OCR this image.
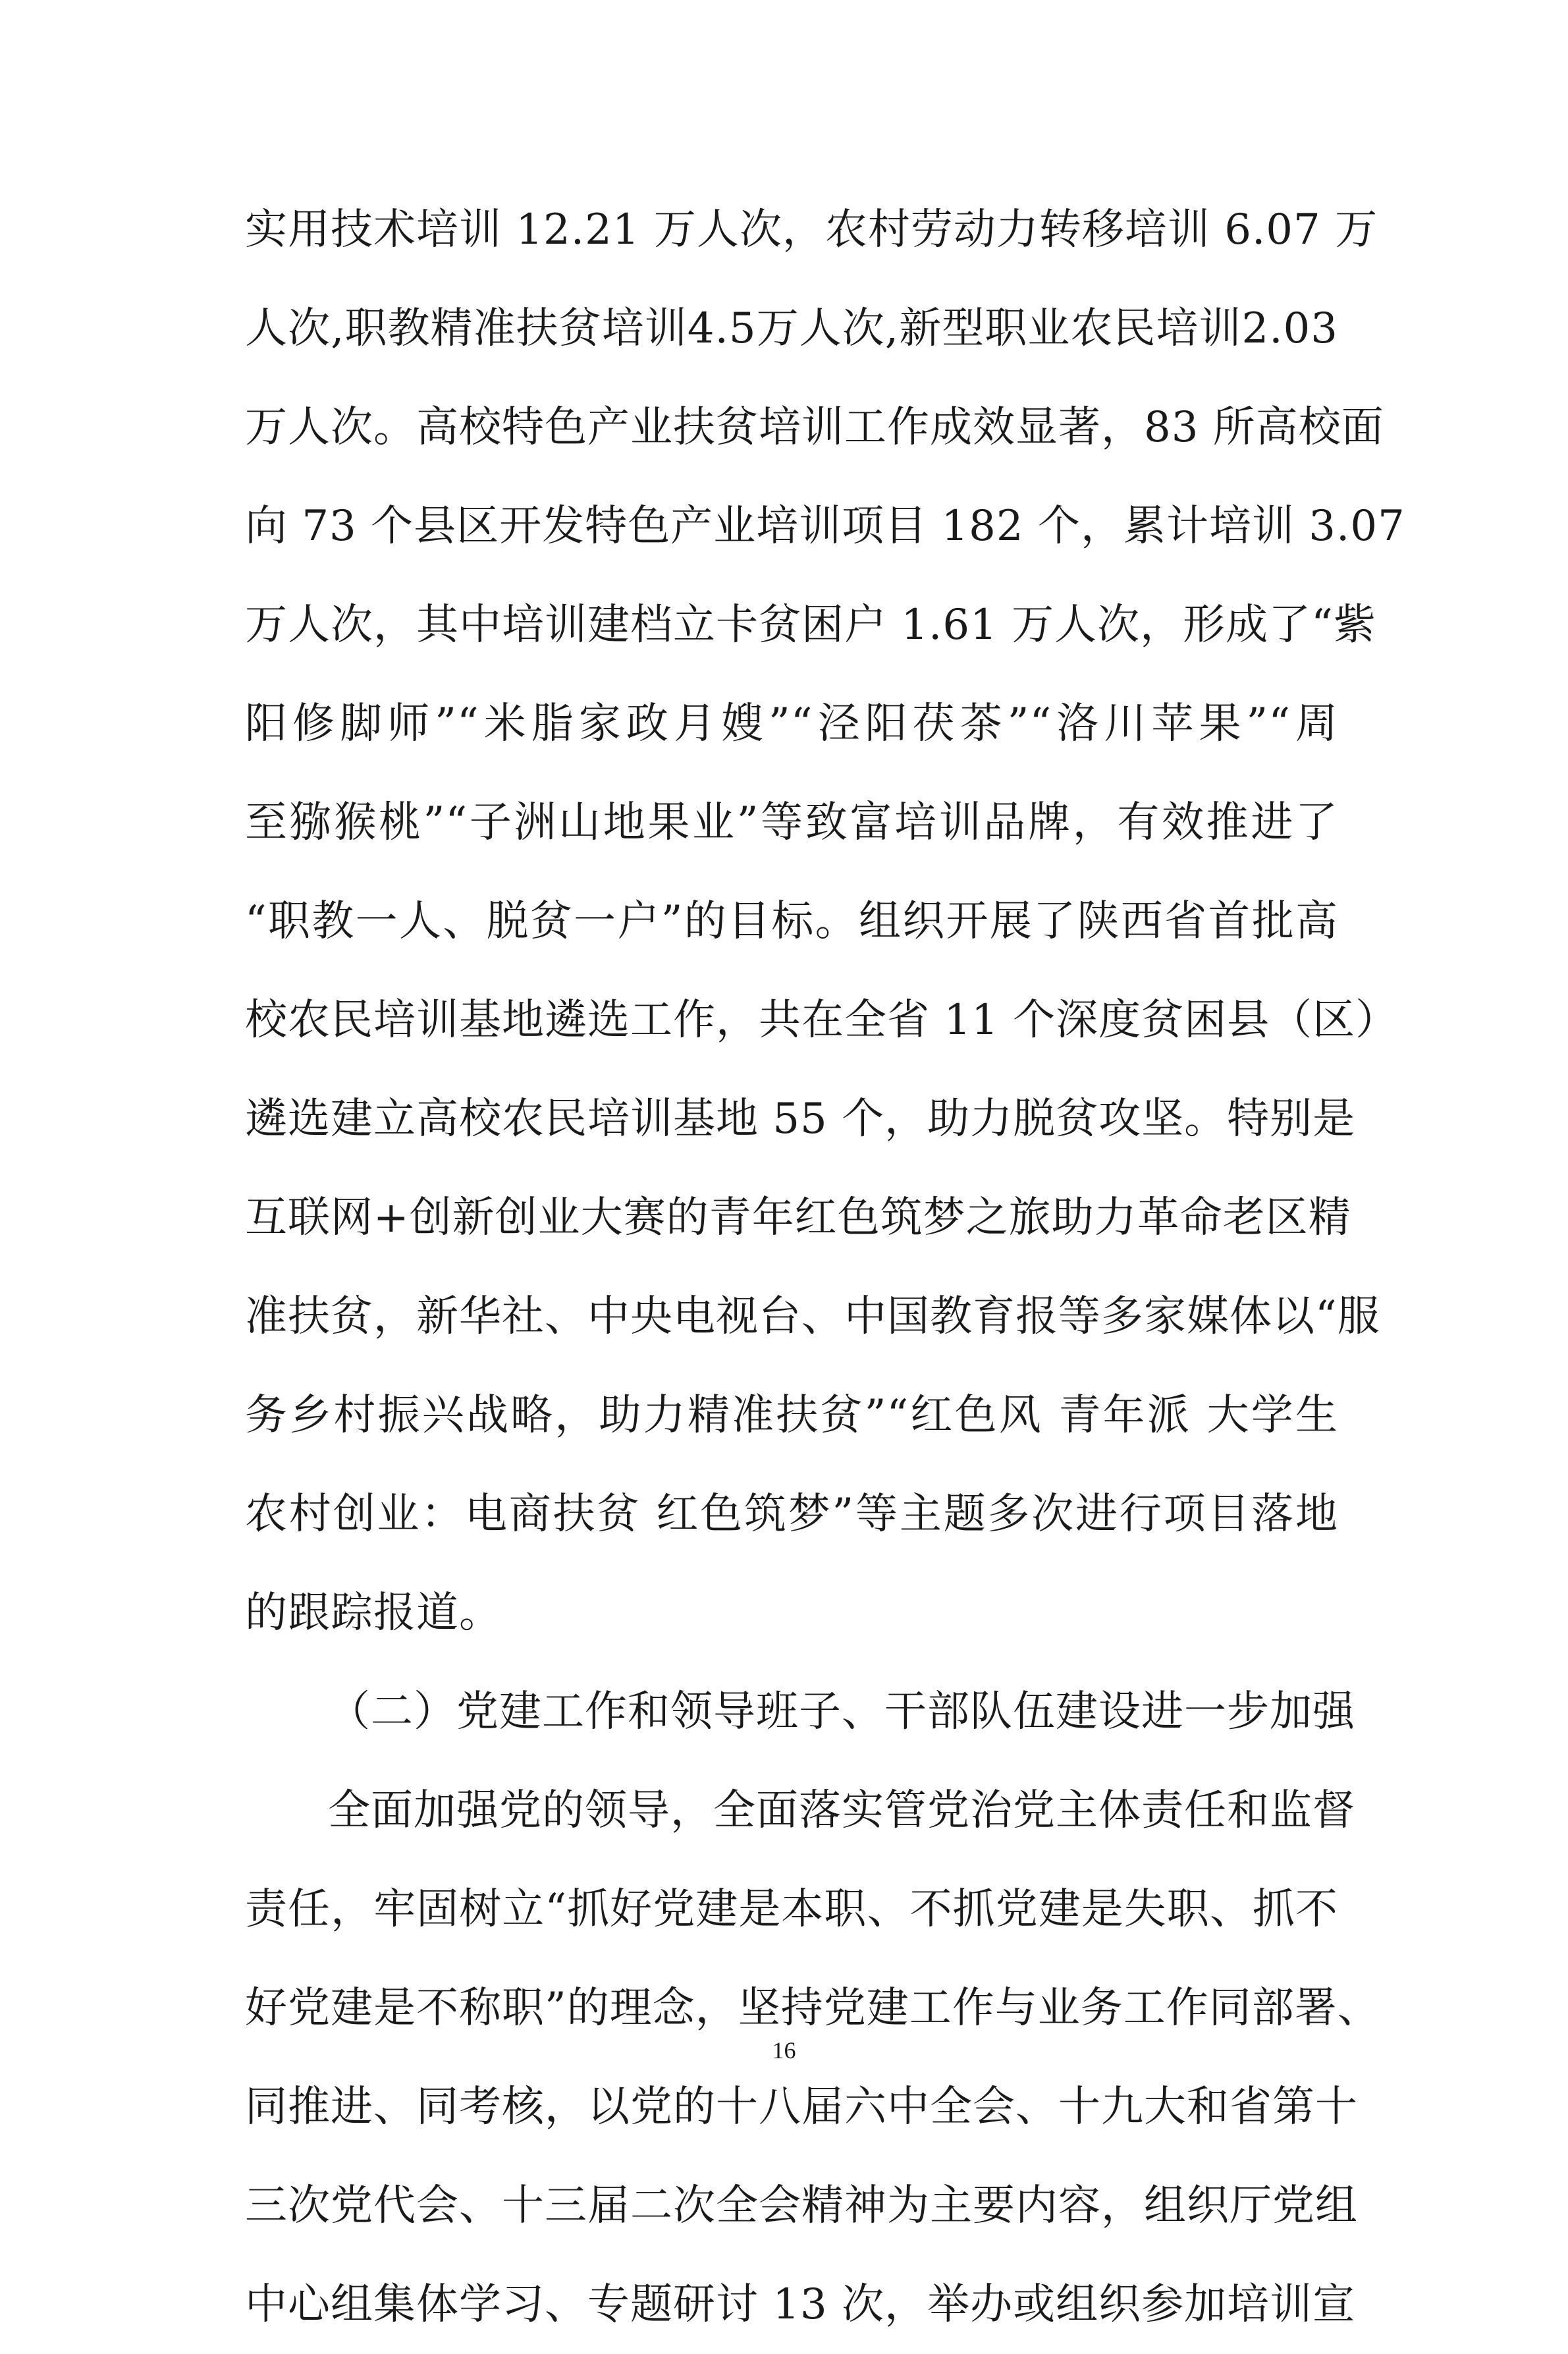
实用技术培训 12.21 万人次，农村劳动力转移培训 6.07 万
人次,职教精准扶贫培训4.5万人次,新型职业农民培训2.03
万人次。高校特色产业扶贫培训工作成效显著，83 所高校面
向 73 个县区开发特色产业培训项目 182 个，累计培训 3.07
万人次，其中培训建档立卡贫困户 1.61 万人次，形成了“紫
阳修脚师”“米脂家政月嫂”“泾阳茯茶”“洛川苹果”“周
至猕猴桃”“子洲山地果业”等致富培训品牌，有效推进了
“职教一人、脱贫一户”的目标。组织开展了陕西省首批高
校农民培训基地遴选工作，共在全省 11 个深度贫困县（区）
遴选建立高校农民培训基地 55 个，助力脱贫攻坚。特别是
互联网+创新创业大赛的青年红色筑梦之旅助力革命老区精
准扶贫，新华社、中央电视台、中国教育报等多家媒体以“服
务乡村振兴战略，助力精准扶贫”“红色风 青年派 大学生
农村创业：电商扶贫 红色筑梦”等主题多次进行项目落地
的跟踪报道。
（二）党建工作和领导班子、干部队伍建设进一步加强
全面加强党的领导，全面落实管党治党主体责任和监督
责任，牢固树立“抓好党建是本职、不抓党建是失职、抓不
好党建是不称职”的理念，坚持党建工作与业务工作同部署、
同推进、同考核，以党的十八届六中全会、十九大和省第十
三次党代会、十三届二次全会精神为主要内容，组织厅党组
中心组集体学习、专题研讨 13 次，举办或组织参加培训宣
16
